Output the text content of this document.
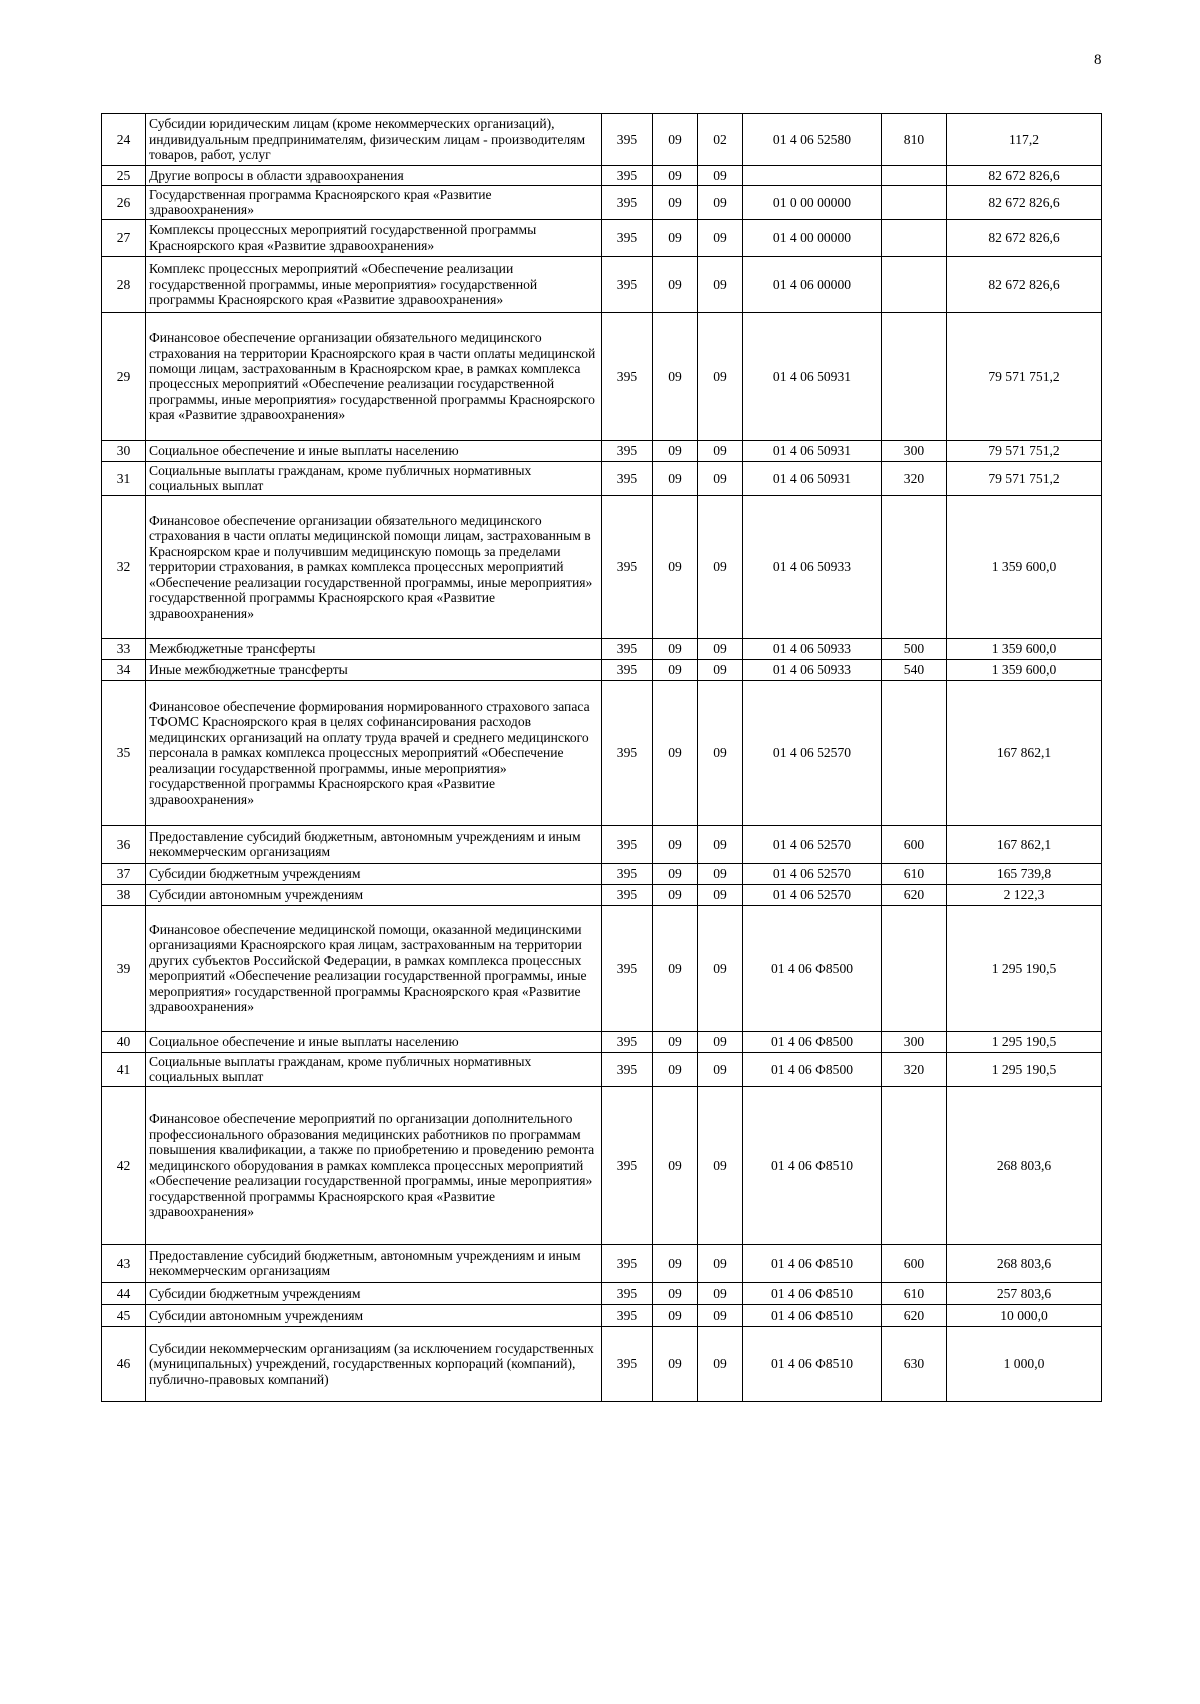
8
24	Субсидии юридическим лицам (кроме некоммерческих организаций), индивидуальным предпринимателям, физическим лицам - производителям товаров, работ, услуг	395	09	02	01 4 06 52580	810	117,2
25	Другие вопросы в области здравоохранения	395	09	09			82 672 826,6
26	Государственная программа Красноярского края «Развитие здравоохранения»	395	09	09	01 0 00 00000		82 672 826,6
27	Комплексы процессных мероприятий государственной программы Красноярского края «Развитие здравоохранения»	395	09	09	01 4 00 00000		82 672 826,6
28	Комплекс процессных мероприятий «Обеспечение реализации государственной программы, иные мероприятия» государственной программы Красноярского края «Развитие здравоохранения»	395	09	09	01 4 06 00000		82 672 826,6
29	Финансовое обеспечение организации обязательного медицинского страхования на территории Красноярского края в части оплаты медицинской помощи лицам, застрахованным в Красноярском крае, в рамках комплекса процессных мероприятий «Обеспечение реализации государственной программы, иные мероприятия» государственной программы Красноярского края «Развитие здравоохранения»	395	09	09	01 4 06 50931		79 571 751,2
30	Социальное обеспечение и иные выплаты населению	395	09	09	01 4 06 50931	300	79 571 751,2
31	Социальные выплаты гражданам, кроме публичных нормативных социальных выплат	395	09	09	01 4 06 50931	320	79 571 751,2
32	Финансовое обеспечение организации обязательного медицинского страхования в части оплаты медицинской помощи лицам, застрахованным в Красноярском крае и получившим медицинскую помощь за пределами территории страхования, в рамках комплекса процессных мероприятий «Обеспечение реализации государственной программы, иные мероприятия» государственной программы Красноярского края «Развитие здравоохранения»	395	09	09	01 4 06 50933		1 359 600,0
33	Межбюджетные трансферты	395	09	09	01 4 06 50933	500	1 359 600,0
34	Иные межбюджетные трансферты	395	09	09	01 4 06 50933	540	1 359 600,0
35	Финансовое обеспечение формирования нормированного страхового запаса ТФОМС Красноярского края в целях софинансирования расходов медицинских организаций на оплату труда врачей и среднего медицинского персонала в рамках комплекса процессных мероприятий «Обеспечение реализации государственной программы, иные мероприятия» государственной программы Красноярского края «Развитие здравоохранения»	395	09	09	01 4 06 52570		167 862,1
36	Предоставление субсидий бюджетным, автономным учреждениям и иным некоммерческим организациям	395	09	09	01 4 06 52570	600	167 862,1
37	Субсидии бюджетным учреждениям	395	09	09	01 4 06 52570	610	165 739,8
38	Субсидии автономным учреждениям	395	09	09	01 4 06 52570	620	2 122,3
39	Финансовое обеспечение медицинской помощи, оказанной медицинскими организациями Красноярского края лицам, застрахованным на территории других субъектов Российской Федерации, в рамках комплекса процессных мероприятий «Обеспечение реализации государственной программы, иные мероприятия» государственной программы Красноярского края «Развитие здравоохранения»	395	09	09	01 4 06 Ф8500		1 295 190,5
40	Социальное обеспечение и иные выплаты населению	395	09	09	01 4 06 Ф8500	300	1 295 190,5
41	Социальные выплаты гражданам, кроме публичных нормативных социальных выплат	395	09	09	01 4 06 Ф8500	320	1 295 190,5
42	Финансовое обеспечение мероприятий по организации дополнительного профессионального образования медицинских работников по программам повышения квалификации, а также по приобретению и проведению ремонта медицинского оборудования в рамках комплекса процессных мероприятий «Обеспечение реализации государственной программы, иные мероприятия» государственной программы Красноярского края «Развитие здравоохранения»	395	09	09	01 4 06 Ф8510		268 803,6
43	Предоставление субсидий бюджетным, автономным учреждениям и иным некоммерческим организациям	395	09	09	01 4 06 Ф8510	600	268 803,6
44	Субсидии бюджетным учреждениям	395	09	09	01 4 06 Ф8510	610	257 803,6
45	Субсидии автономным учреждениям	395	09	09	01 4 06 Ф8510	620	10 000,0
46	Субсидии некоммерческим организациям (за исключением государственных (муниципальных) учреждений, государственных корпораций (компаний), публично-правовых компаний)	395	09	09	01 4 06 Ф8510	630	1 000,0
